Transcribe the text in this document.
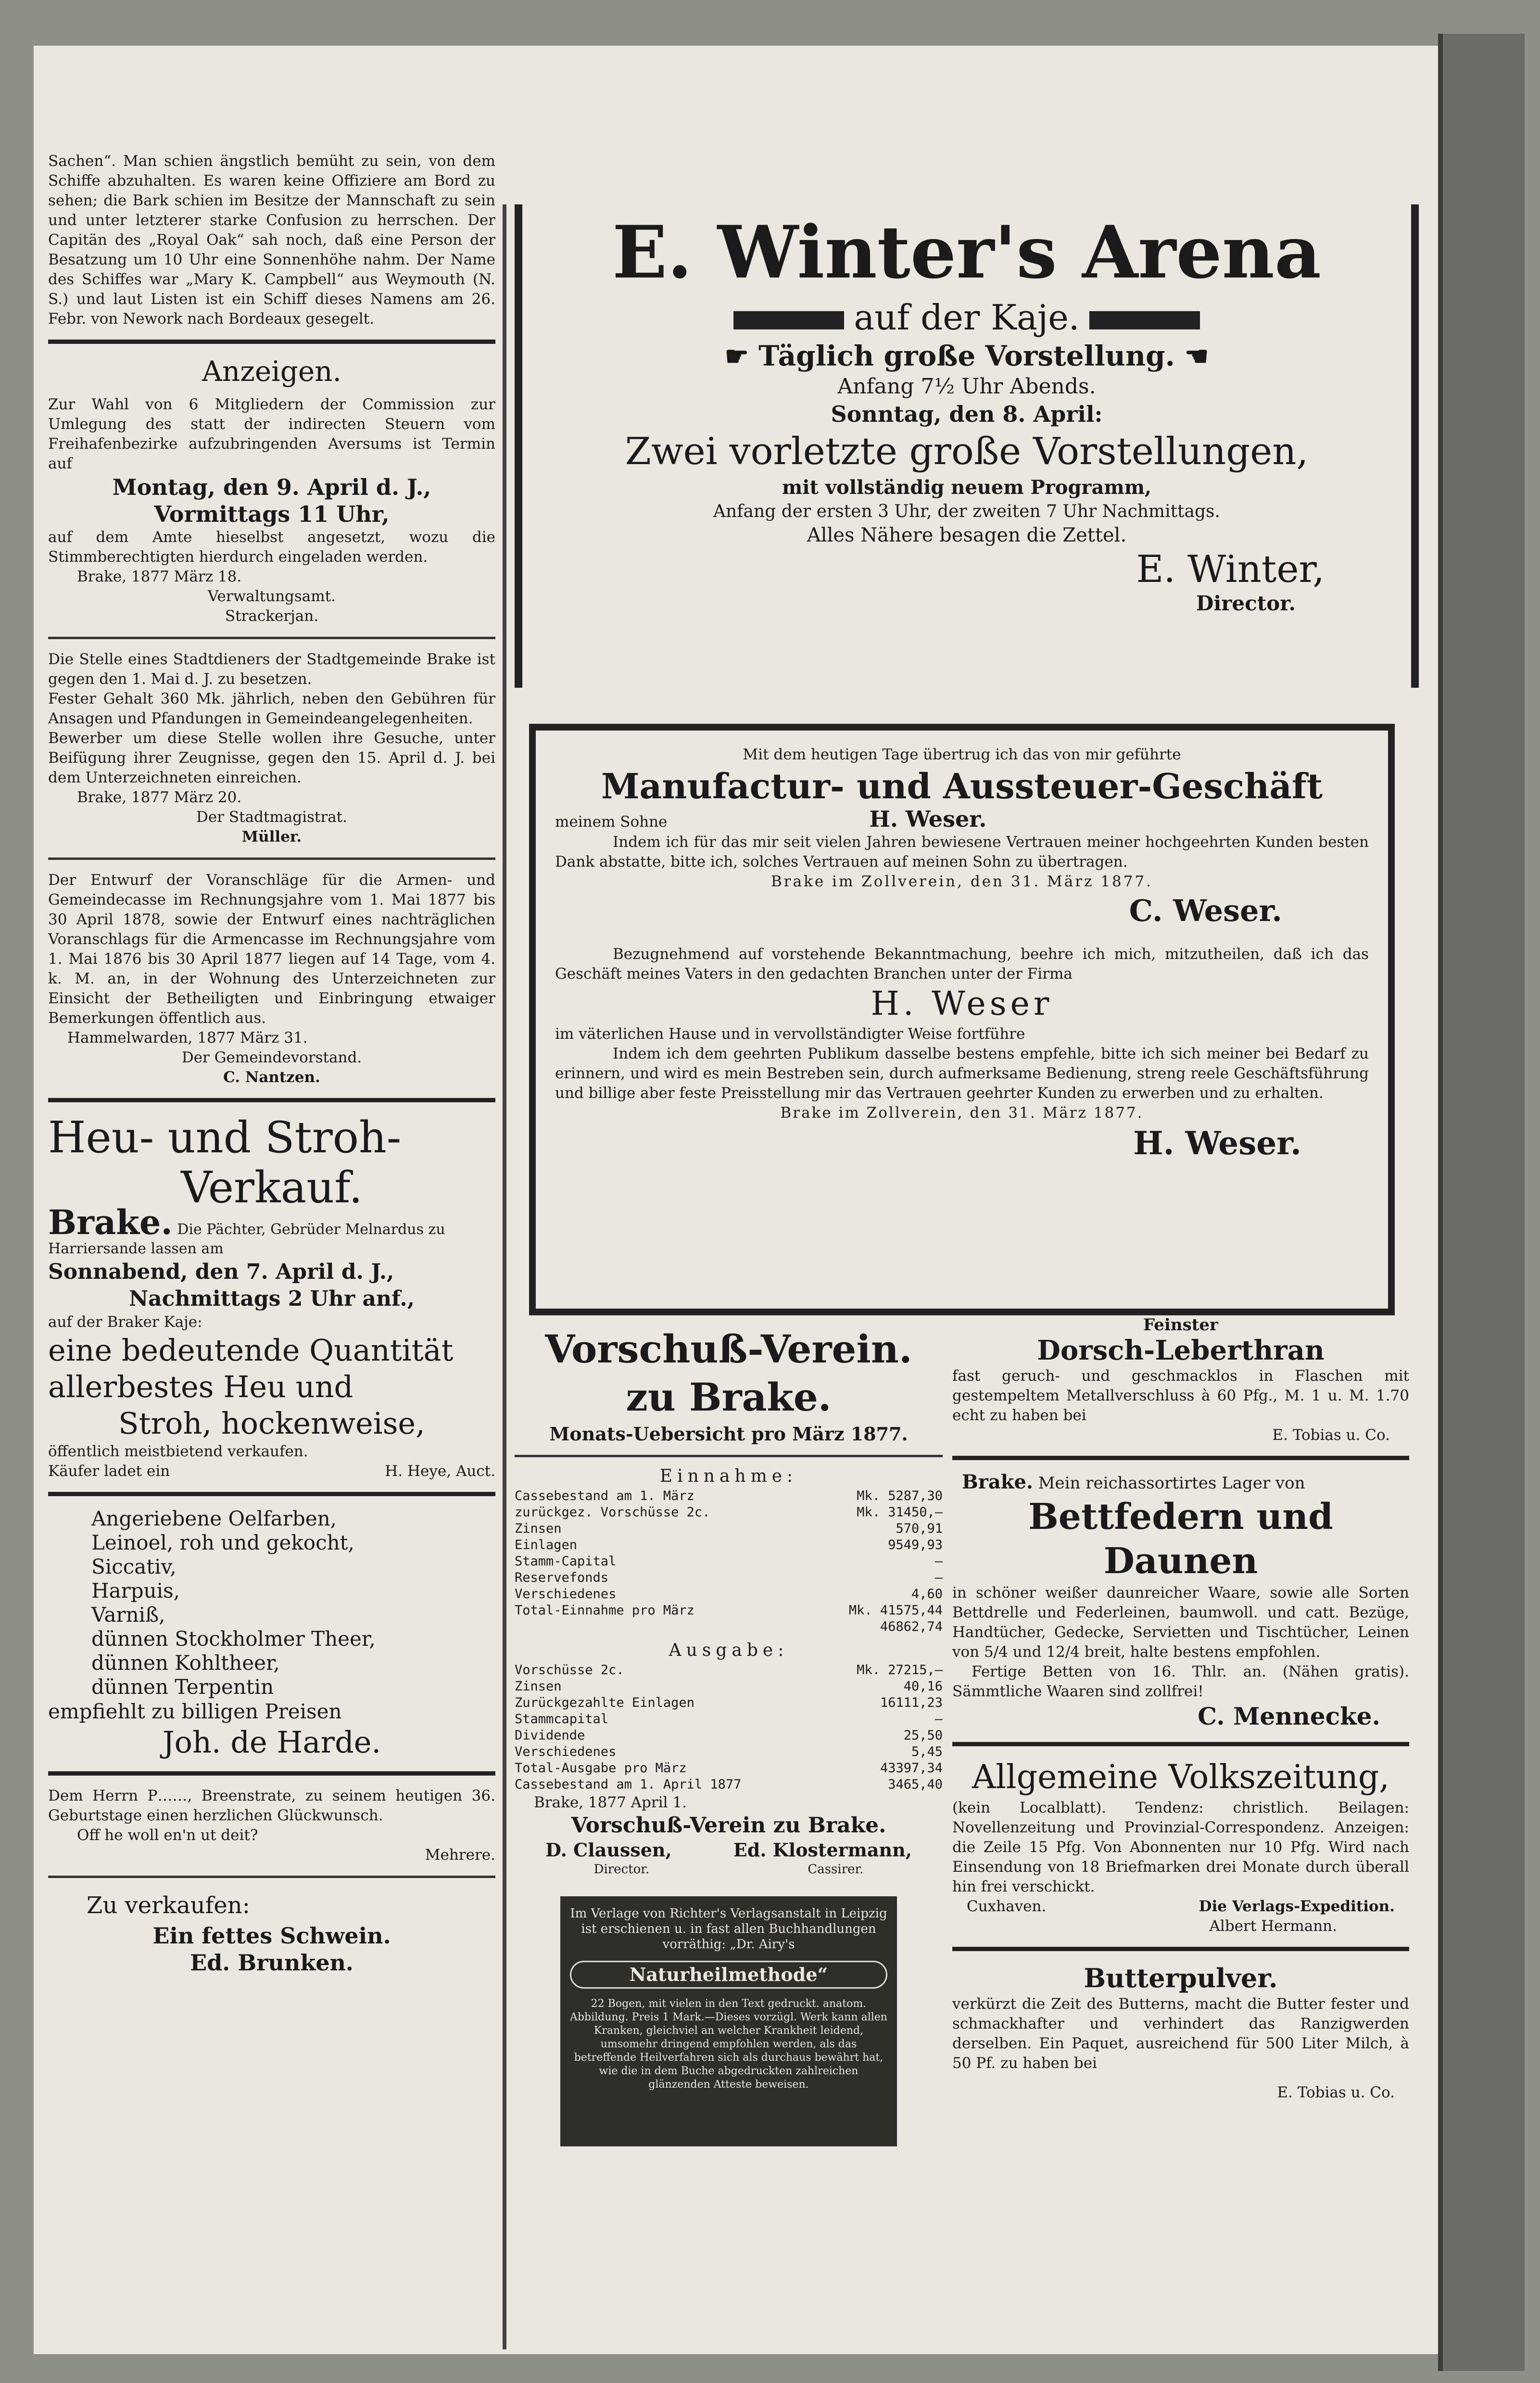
Sachen“. Man schien ängstlich bemüht zu sein, von dem Schiffe abzuhalten. Es waren keine Offiziere am Bord zu sehen; die Bark schien im Besitze der Mannschaft zu sein und unter letzterer starke Confusion zu herrschen. Der Capitän des „Royal Oak“ sah noch, daß eine Person der Besatzung um 10 Uhr eine Sonnenhöhe nahm. Der Name des Schiffes war „Mary K. Campbell“ aus Weymouth (N. S.) und laut Listen ist ein Schiff dieses Namens am 26. Febr. von Nework nach Bordeaux gesegelt.

Anzeigen.

Zur Wahl von 6 Mitgliedern der Commission zur Umlegung des statt der indirecten Steuern vom Freihafenbezirke aufzubringenden Aversums ist Termin auf

Montag, den 9. April d. J.,

Vormittags 11 Uhr,

auf dem Amte hieselbst angesetzt, wozu die Stimmberechtigten hierdurch eingeladen werden.

Brake, 1877 März 18.

Verwaltungsamt.

Strackerjan.

Die Stelle eines Stadtdieners der Stadtgemeinde Brake ist gegen den 1. Mai d. J. zu besetzen.

Fester Gehalt 360 Mk. jährlich, neben den Gebühren für Ansagen und Pfandungen in Gemeindeangelegenheiten.

Bewerber um diese Stelle wollen ihre Gesuche, unter Beifügung ihrer Zeugnisse, gegen den 15. April d. J. bei dem Unterzeichneten einreichen.

Brake, 1877 März 20.

Der Stadtmagistrat.

Müller.

Der Entwurf der Voranschläge für die Armen- und Gemeindecasse im Rechnungsjahre vom 1. Mai 1877 bis 30 April 1878, sowie der Entwurf eines nachträglichen Voranschlags für die Armencasse im Rechnungsjahre vom 1. Mai 1876 bis 30 April 1877 liegen auf 14 Tage, vom 4. k. M. an, in der Wohnung des Unterzeichneten zur Einsicht der Betheiligten und Einbringung etwaiger Bemerkungen öffentlich aus.

Hammelwarden, 1877 März 31.

Der Gemeindevorstand.

C. Nantzen.

Heu- und Stroh-

Verkauf.

Brake. Die Pächter, Gebrüder Melnardus zu Harriersande lassen am

Sonnabend, den 7. April d. J.,

Nachmittags 2 Uhr anf.,

auf der Braker Kaje:

eine bedeutende Quantität allerbestes Heu und

Stroh, hockenweise,

öffentlich meistbietend verkaufen.

Käufer ladet ein	H. Heye, Auct.

Angeriebene Oelfarben,

Leinoel, roh und gekocht,

Siccativ,

Harpuis,

Varniß,

dünnen Stockholmer Theer,

dünnen Kohltheer,

dünnen Terpentin

empfiehlt zu billigen Preisen

Joh. de Harde.

Dem Herrn P……, Breenstrate, zu seinem heutigen 36. Geburtstage einen herzlichen Glückwunsch.

Off he woll en'n ut deit?

Mehrere.

Zu verkaufen:

Ein fettes Schwein.

Ed. Brunken.

E. Winter's Arena

auf der Kaje.

☛ Täglich große Vorstellung. ☚

Anfang 7½ Uhr Abends.

Sonntag, den 8. April:

Zwei vorletzte große Vorstellungen,

mit vollständig neuem Programm,

Anfang der ersten 3 Uhr, der zweiten 7 Uhr Nachmittags.

Alles Nähere besagen die Zettel.

E. Winter,

Director.

Mit dem heutigen Tage übertrug ich das von mir geführte

Manufactur- und Aussteuer-Geschäft

meinem Sohne	H. Weser.

Indem ich für das mir seit vielen Jahren bewiesene Vertrauen meiner hochgeehrten Kunden besten Dank abstatte, bitte ich, solches Vertrauen auf meinen Sohn zu übertragen.

Brake im Zollverein, den 31. März 1877.

C. Weser.

Bezugnehmend auf vorstehende Bekanntmachung, beehre ich mich, mitzutheilen, daß ich das Geschäft meines Vaters in den gedachten Branchen unter der Firma

H. Weser

im väterlichen Hause und in vervollständigter Weise fortführe

Indem ich dem geehrten Publikum dasselbe bestens empfehle, bitte ich sich meiner bei Bedarf zu erinnern, und wird es mein Bestreben sein, durch aufmerksame Bedienung, streng reele Geschäftsführung und billige aber feste Preisstellung mir das Vertrauen geehrter Kunden zu erwerben und zu erhalten.

Brake im Zollverein, den 31. März 1877.

H. Weser.

Vorschuß-Verein.

zu Brake.

Monats-Uebersicht pro März 1877.

Einnahme:

Cassebestand am 1. März	Mk. 5287,30
zurückgez. Vorschüsse 2c.	Mk. 31450,—
Zinsen	570,91
Einlagen	9549,93
Stamm-Capital	—
Reservefonds	—
Verschiedenes	4,60
Total-Einnahme pro März	Mk. 41575,44
46862,74

Ausgabe:

Vorschüsse 2c.	Mk. 27215,—
Zinsen	40,16
Zurückgezahlte Einlagen	16111,23
Stammcapital	—
Dividende	25,50
Verschiedenes	5,45
Total-Ausgabe pro März	43397,34
Cassebestand am 1. April 1877	3465,40

Brake, 1877 April 1.

Vorschuß-Verein zu Brake.

D. Claussen,	Ed. Klostermann,

Director.	Cassirer.

Im Verlage von Richter's Verlagsanstalt in Leipzig ist erschienen u. in fast allen Buchhandlungen vorräthig: „Dr. Airy's

Naturheilmethode“

22 Bogen, mit vielen in den Text gedruckt. anatom. Abbildung. Preis 1 Mark.—Dieses vorzügl. Werk kann allen Kranken, gleichviel an welcher Krankheit leidend, umsomehr dringend empfohlen werden, als das betreffende Heilverfahren sich als durchaus bewährt hat, wie die in dem Buche abgedruckten zahlreichen glänzenden Atteste beweisen.

Feinster

Dorsch-Leberthran

fast geruch- und geschmacklos in Flaschen mit gestempeltem Metallverschluss à 60 Pfg., M. 1 u. M. 1.70 echt zu haben bei

E. Tobias u. Co.

Brake. Mein reichassortirtes Lager von

Bettfedern und Daunen

in schöner weißer daunreicher Waare, sowie alle Sorten Bettdrelle und Federleinen, baumwoll. und catt. Bezüge, Handtücher, Gedecke, Servietten und Tischtücher, Leinen von 5/4 und 12/4 breit, halte bestens empfohlen.

Fertige Betten von 16. Thlr. an. (Nähen gratis). Sämmtliche Waaren sind zollfrei!

C. Mennecke.

Allgemeine Volkszeitung,

(kein Localblatt). Tendenz: christlich. Beilagen: Novellenzeitung und Provinzial-Correspondenz. Anzeigen: die Zeile 15 Pfg. Von Abonnenten nur 10 Pfg. Wird nach Einsendung von 18 Briefmarken drei Monate durch überall hin frei verschickt.

Cuxhaven.	Die Verlags-Expedition.

Albert Hermann.

Butterpulver.

verkürzt die Zeit des Butterns, macht die Butter fester und schmackhafter und verhindert das Ranzigwerden derselben. Ein Paquet, ausreichend für 500 Liter Milch, à 50 Pf. zu haben bei

E. Tobias u. Co.
